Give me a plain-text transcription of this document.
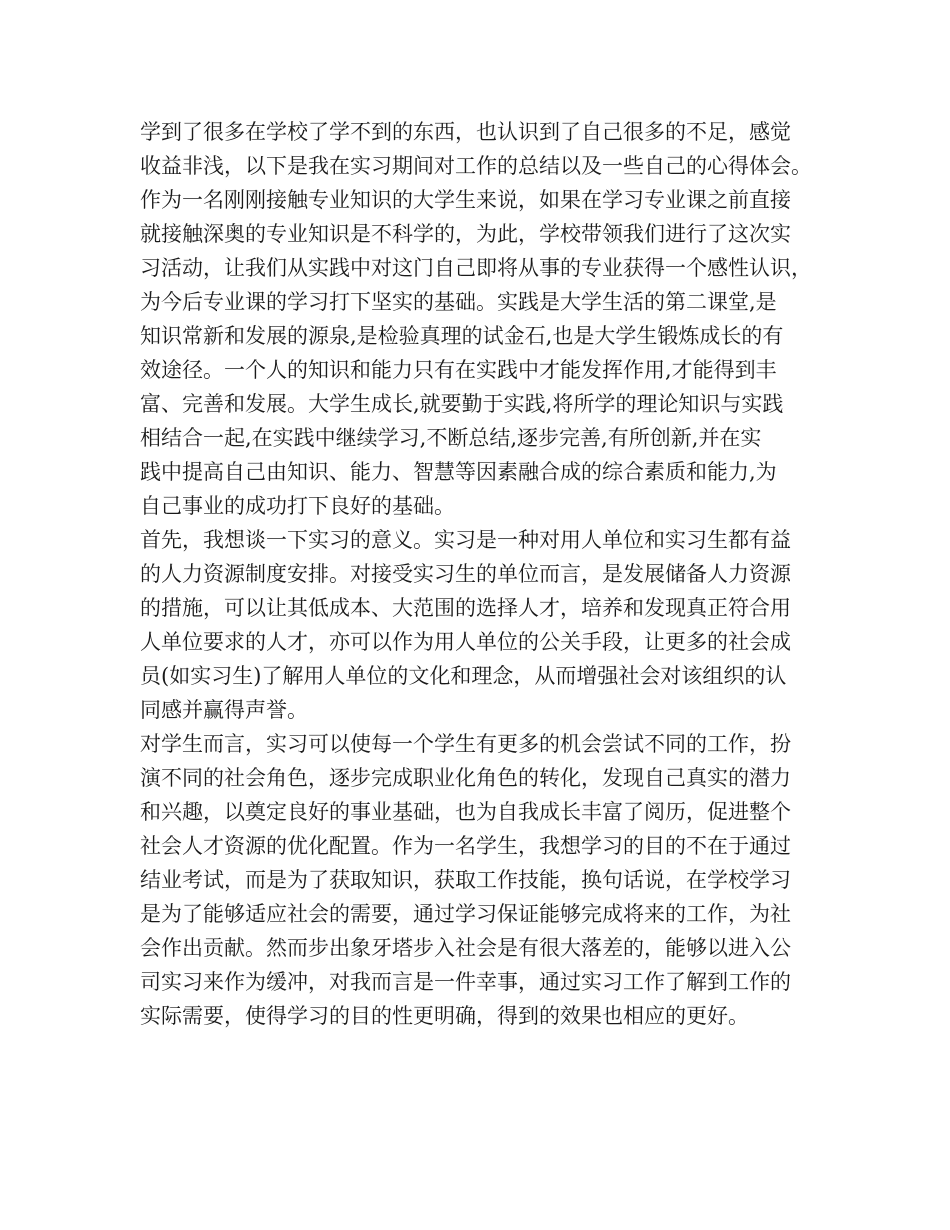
学到了很多在学校了学不到的东西，也认识到了自己很多的不足，感觉
收益非浅，以下是我在实习期间对工作的总结以及一些自己的心得体会。
作为一名刚刚接触专业知识的大学生来说，如果在学习专业课之前直接
就接触深奥的专业知识是不科学的，为此，学校带领我们进行了这次实
习活动，让我们从实践中对这门自己即将从事的专业获得一个感性认识，
为今后专业课的学习打下坚实的基础。实践是大学生活的第二课堂,是
知识常新和发展的源泉,是检验真理的试金石,也是大学生锻炼成长的有
效途径。一个人的知识和能力只有在实践中才能发挥作用,才能得到丰
富、完善和发展。大学生成长,就要勤于实践,将所学的理论知识与实践
相结合一起,在实践中继续学习,不断总结,逐步完善,有所创新,并在实
践中提高自己由知识、能力、智慧等因素融合成的综合素质和能力,为
自己事业的成功打下良好的基础。
首先，我想谈一下实习的意义。实习是一种对用人单位和实习生都有益
的人力资源制度安排。对接受实习生的单位而言，是发展储备人力资源
的措施，可以让其低成本、大范围的选择人才，培养和发现真正符合用
人单位要求的人才，亦可以作为用人单位的公关手段，让更多的社会成
员(如实习生)了解用人单位的文化和理念，从而增强社会对该组织的认
同感并赢得声誉。
对学生而言，实习可以使每一个学生有更多的机会尝试不同的工作，扮
演不同的社会角色，逐步完成职业化角色的转化，发现自己真实的潜力
和兴趣，以奠定良好的事业基础，也为自我成长丰富了阅历，促进整个
社会人才资源的优化配置。作为一名学生，我想学习的目的不在于通过
结业考试，而是为了获取知识，获取工作技能，换句话说，在学校学习
是为了能够适应社会的需要，通过学习保证能够完成将来的工作，为社
会作出贡献。然而步出象牙塔步入社会是有很大落差的，能够以进入公
司实习来作为缓冲，对我而言是一件幸事，通过实习工作了解到工作的
实际需要，使得学习的目的性更明确，得到的效果也相应的更好。
